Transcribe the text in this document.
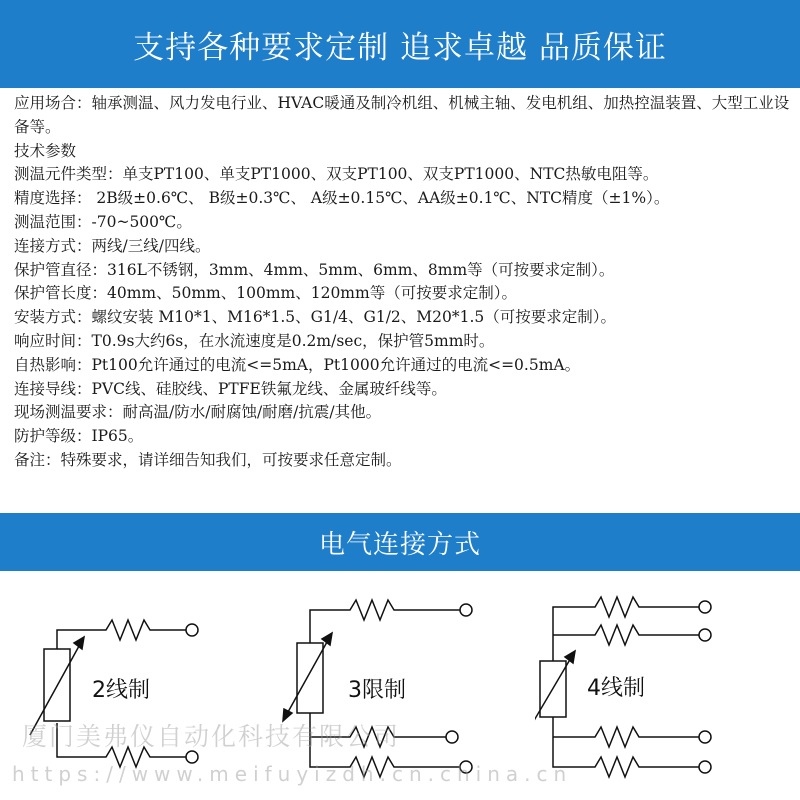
支持各种要求定制 追求卓越 品质保证
应用场合：轴承测温、风力发电行业、HVAC暖通及制冷机组、机械主轴、发电机组、加热控温装置、大型工业设备等。
技术参数
测温元件类型：单支PT100、单支PT1000、双支PT100、双支PT1000、NTC热敏电阻等。
精度选择： 2B级±0.6℃、 B级±0.3℃、 A级±0.15℃、AA级±0.1℃、NTC精度（±1%）。
测温范围：-70~500℃。
连接方式：两线/三线/四线。
保护管直径：316L不锈钢，3mm、4mm、5mm、6mm、8mm等（可按要求定制）。
保护管长度：40mm、50mm、100mm、120mm等（可按要求定制）。
安装方式：螺纹安装 M10*1、M16*1.5、G1/4、G1/2、M20*1.5（可按要求定制）。
响应时间：T0.9s大约6s，在水流速度是0.2m/sec，保护管5mm时。
自热影响：Pt100允许通过的电流<=5mA，Pt1000允许通过的电流<=0.5mA。
连接导线：PVC线、硅胶线、PTFE铁氟龙线、金属玻纤线等。
现场测温要求：耐高温/防水/耐腐蚀/耐磨/抗震/其他。
防护等级：IP65。
备注：特殊要求，请详细告知我们，可按要求任意定制。
电气连接方式
2线制	3限制	4线制
厦门美弗仪自动化科技有限公司
https://www.meifuyizdh.cn.china.cn
